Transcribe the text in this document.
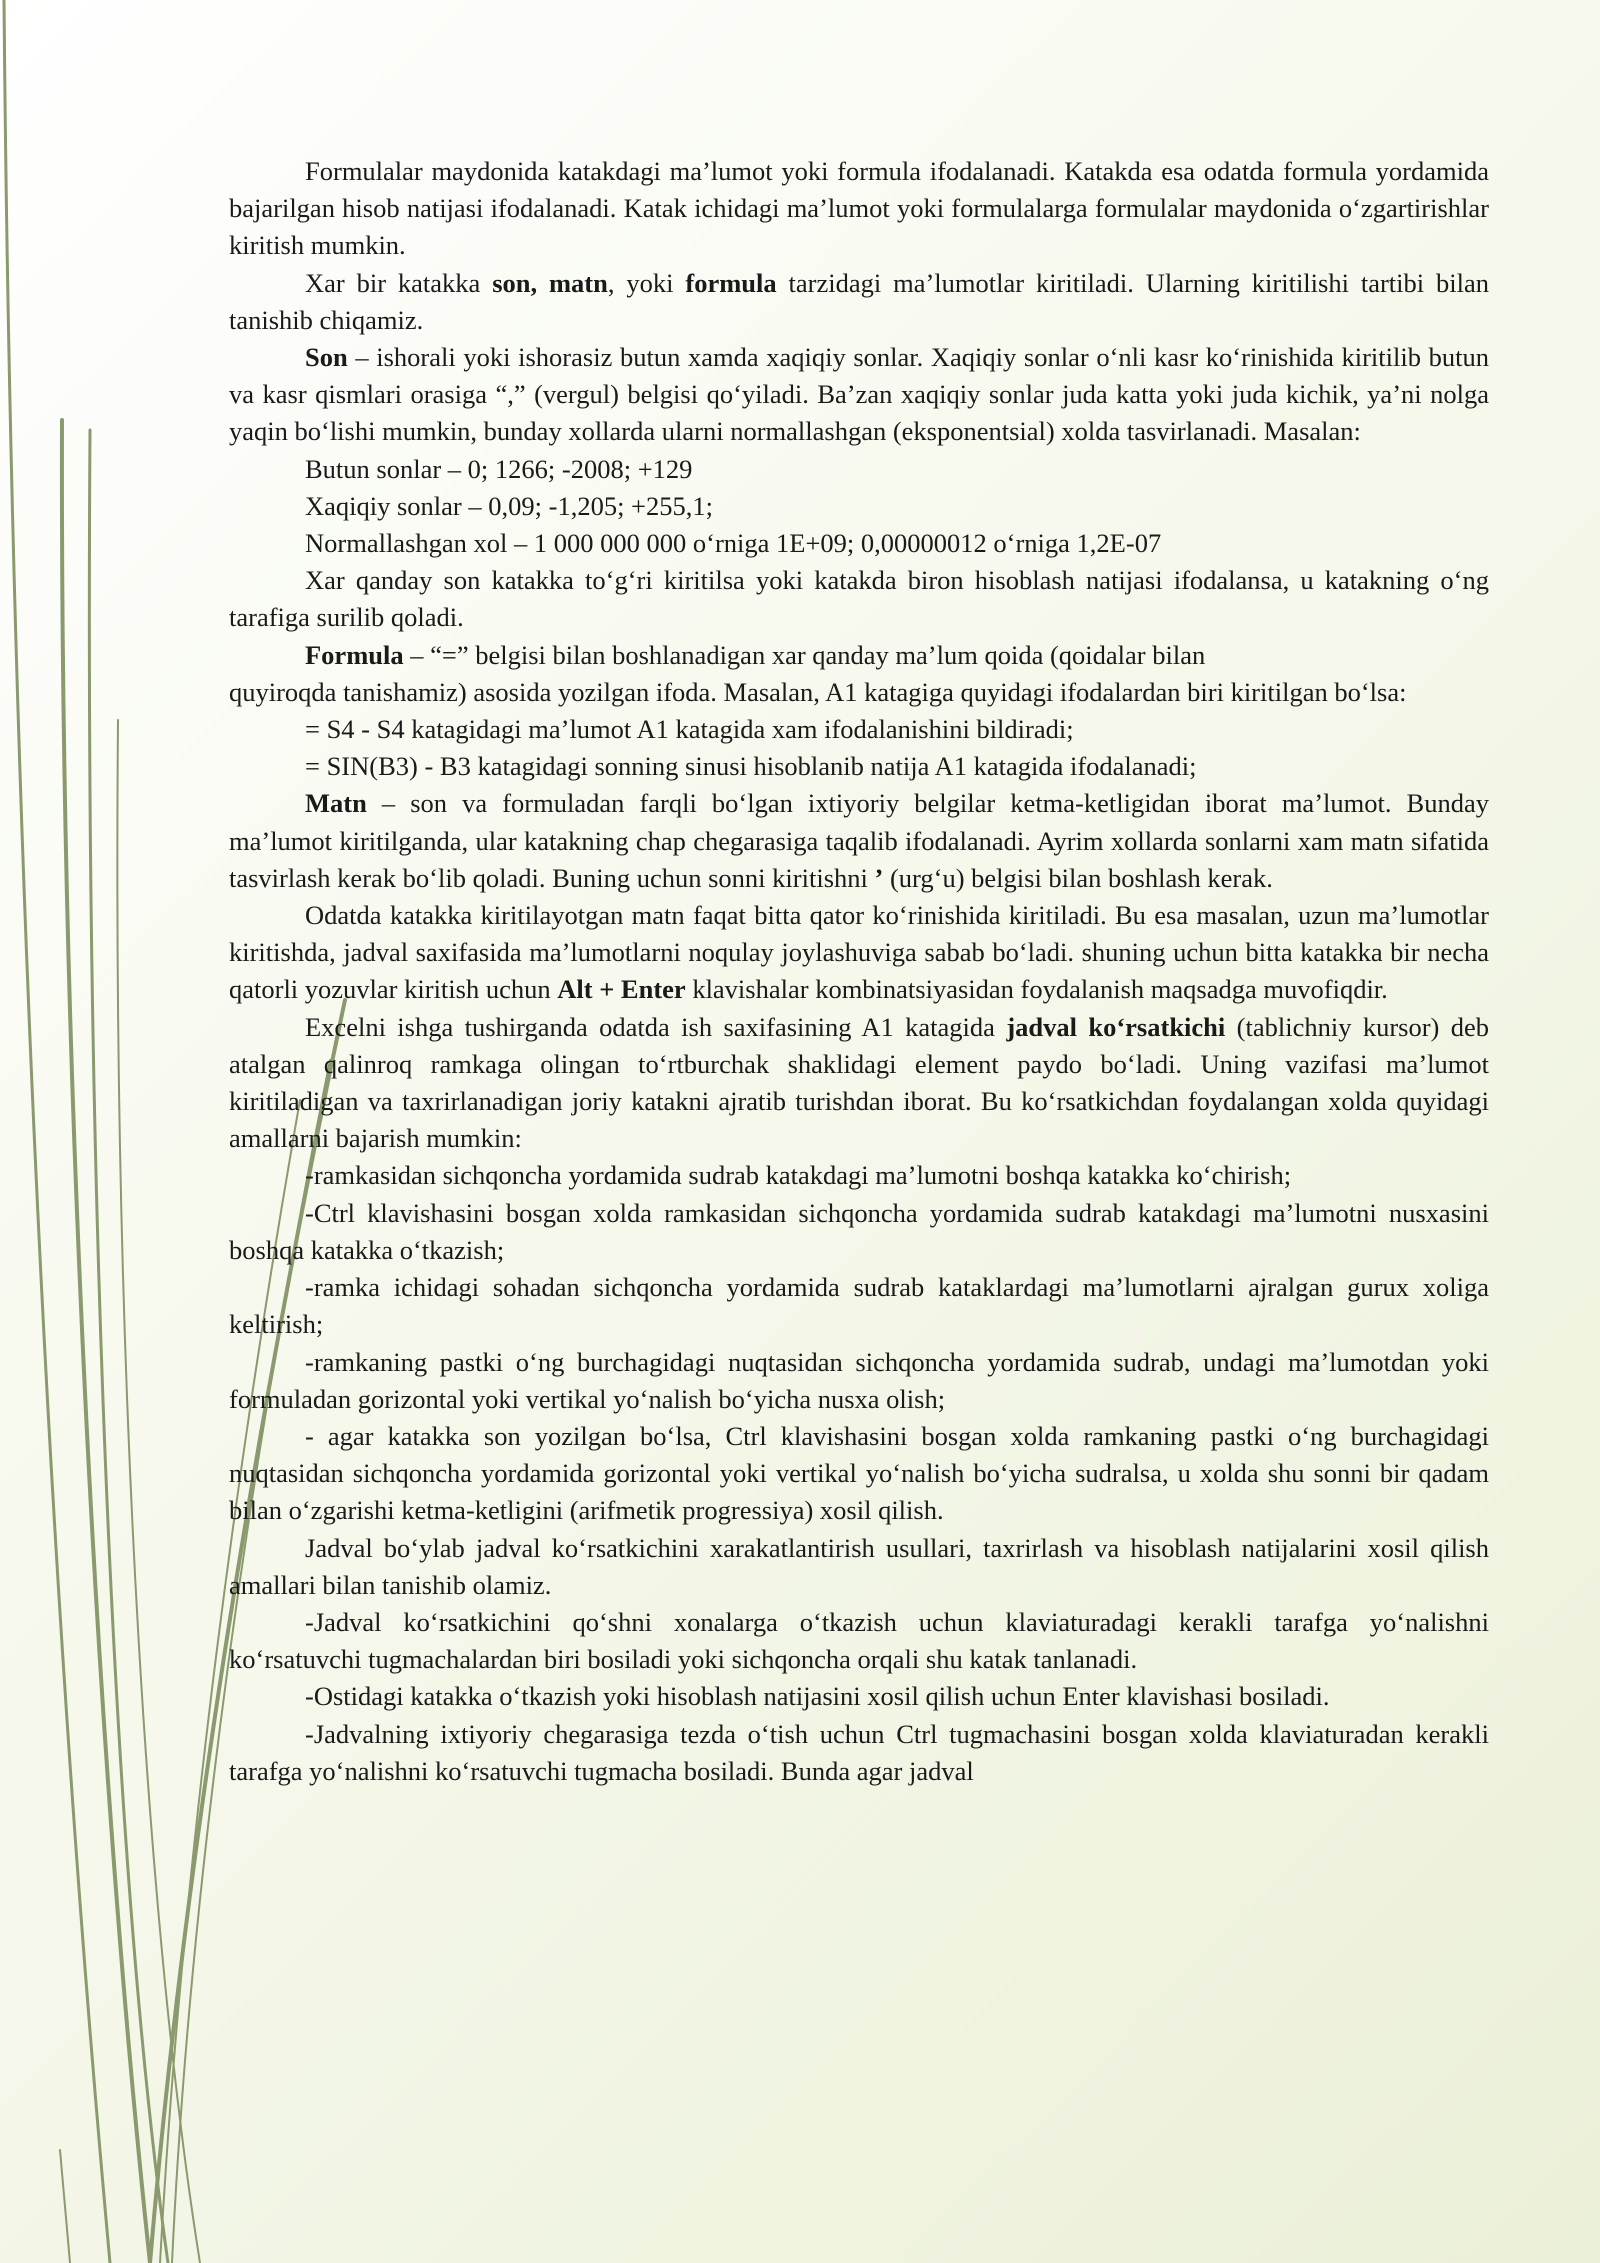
Formulalar maydonida katakdagi ma’lumot yoki formula ifodalanadi. Katakda esa odatda formula yordamida bajarilgan hisob natijasi ifodalanadi. Katak ichidagi ma’lumot yoki formulalarga formulalar maydonida o‘zgartirishlar kiritish mumkin.

Xar bir katakka son, matn, yoki formula tarzidagi ma’lumotlar kiritiladi. Ularning kiritilishi tartibi bilan tanishib chiqamiz.

Son – ishorali yoki ishorasiz butun xamda xaqiqiy sonlar. Xaqiqiy sonlar o‘nli kasr ko‘rinishida kiritilib butun va kasr qismlari orasiga “,” (vergul) belgisi qo‘yiladi. Ba’zan xaqiqiy sonlar juda katta yoki juda kichik, ya’ni nolga yaqin bo‘lishi mumkin, bunday xollarda ularni normallashgan (eksponentsial) xolda tasvirlanadi. Masalan:

Butun sonlar – 0; 1266; -2008; +129

Xaqiqiy sonlar – 0,09; -1,205; +255,1;

Normallashgan xol – 1 000 000 000 o‘rniga 1E+09; 0,00000012 o‘rniga 1,2E-07

Xar qanday son katakka to‘g‘ri kiritilsa yoki katakda biron hisoblash natijasi ifodalansa, u katakning o‘ng tarafiga surilib qoladi.

Formula – “=” belgisi bilan boshlanadigan xar qanday ma’lum qoida (qoidalar bilan

quyiroqda tanishamiz) asosida yozilgan ifoda. Masalan, A1 katagiga quyidagi ifodalardan biri kiritilgan bo‘lsa:

= S4 - S4 katagidagi ma’lumot A1 katagida xam ifodalanishini bildiradi;

= SIN(B3) - B3 katagidagi sonning sinusi hisoblanib natija A1 katagida ifodalanadi;

Matn – son va formuladan farqli bo‘lgan ixtiyoriy belgilar ketma-ketligidan iborat ma’lumot. Bunday ma’lumot kiritilganda, ular katakning chap chegarasiga taqalib ifodalanadi. Ayrim xollarda sonlarni xam matn sifatida tasvirlash kerak bo‘lib qoladi. Buning uchun sonni kiritishni ’ (urg‘u) belgisi bilan boshlash kerak.

Odatda katakka kiritilayotgan matn faqat bitta qator ko‘rinishida kiritiladi. Bu esa masalan, uzun ma’lumotlar kiritishda, jadval saxifasida ma’lumotlarni noqulay joylashuviga sabab bo‘ladi. shuning uchun bitta katakka bir necha qatorli yozuvlar kiritish uchun Alt + Enter klavishalar kombinatsiyasidan foydalanish maqsadga muvofiqdir.

Excelni ishga tushirganda odatda ish saxifasining A1 katagida jadval ko‘rsatkichi (tablichniy kursor) deb atalgan qalinroq ramkaga olingan to‘rtburchak shaklidagi element paydo bo‘ladi. Uning vazifasi ma’lumot kiritiladigan va taxrirlanadigan joriy katakni ajratib turishdan iborat. Bu ko‘rsatkichdan foydalangan xolda quyidagi amallarni bajarish mumkin:

-ramkasidan sichqoncha yordamida sudrab katakdagi ma’lumotni boshqa katakka ko‘chirish;

-Ctrl klavishasini bosgan xolda ramkasidan sichqoncha yordamida sudrab katakdagi ma’lumotni nusxasini boshqa katakka o‘tkazish;

-ramka ichidagi sohadan sichqoncha yordamida sudrab kataklardagi ma’lumotlarni ajralgan gurux xoliga keltirish;

-ramkaning pastki o‘ng burchagidagi nuqtasidan sichqoncha yordamida sudrab, undagi ma’lumotdan yoki formuladan gorizontal yoki vertikal yo‘nalish bo‘yicha nusxa olish;

- agar katakka son yozilgan bo‘lsa, Ctrl klavishasini bosgan xolda ramkaning pastki o‘ng burchagidagi nuqtasidan sichqoncha yordamida gorizontal yoki vertikal yo‘nalish bo‘yicha sudralsa, u xolda shu sonni bir qadam bilan o‘zgarishi ketma-ketligini (arifmetik progressiya) xosil qilish.

Jadval bo‘ylab jadval ko‘rsatkichini xarakatlantirish usullari, taxrirlash va hisoblash natijalarini xosil qilish amallari bilan tanishib olamiz.

-Jadval ko‘rsatkichini qo‘shni xonalarga o‘tkazish uchun klaviaturadagi kerakli tarafga yo‘nalishni ko‘rsatuvchi tugmachalardan biri bosiladi yoki sichqoncha orqali shu katak tanlanadi.

-Ostidagi katakka o‘tkazish yoki hisoblash natijasini xosil qilish uchun Enter klavishasi bosiladi.

-Jadvalning ixtiyoriy chegarasiga tezda o‘tish uchun Ctrl tugmachasini bosgan xolda klaviaturadan kerakli tarafga yo‘nalishni ko‘rsatuvchi tugmacha bosiladi. Bunda agar jadval
